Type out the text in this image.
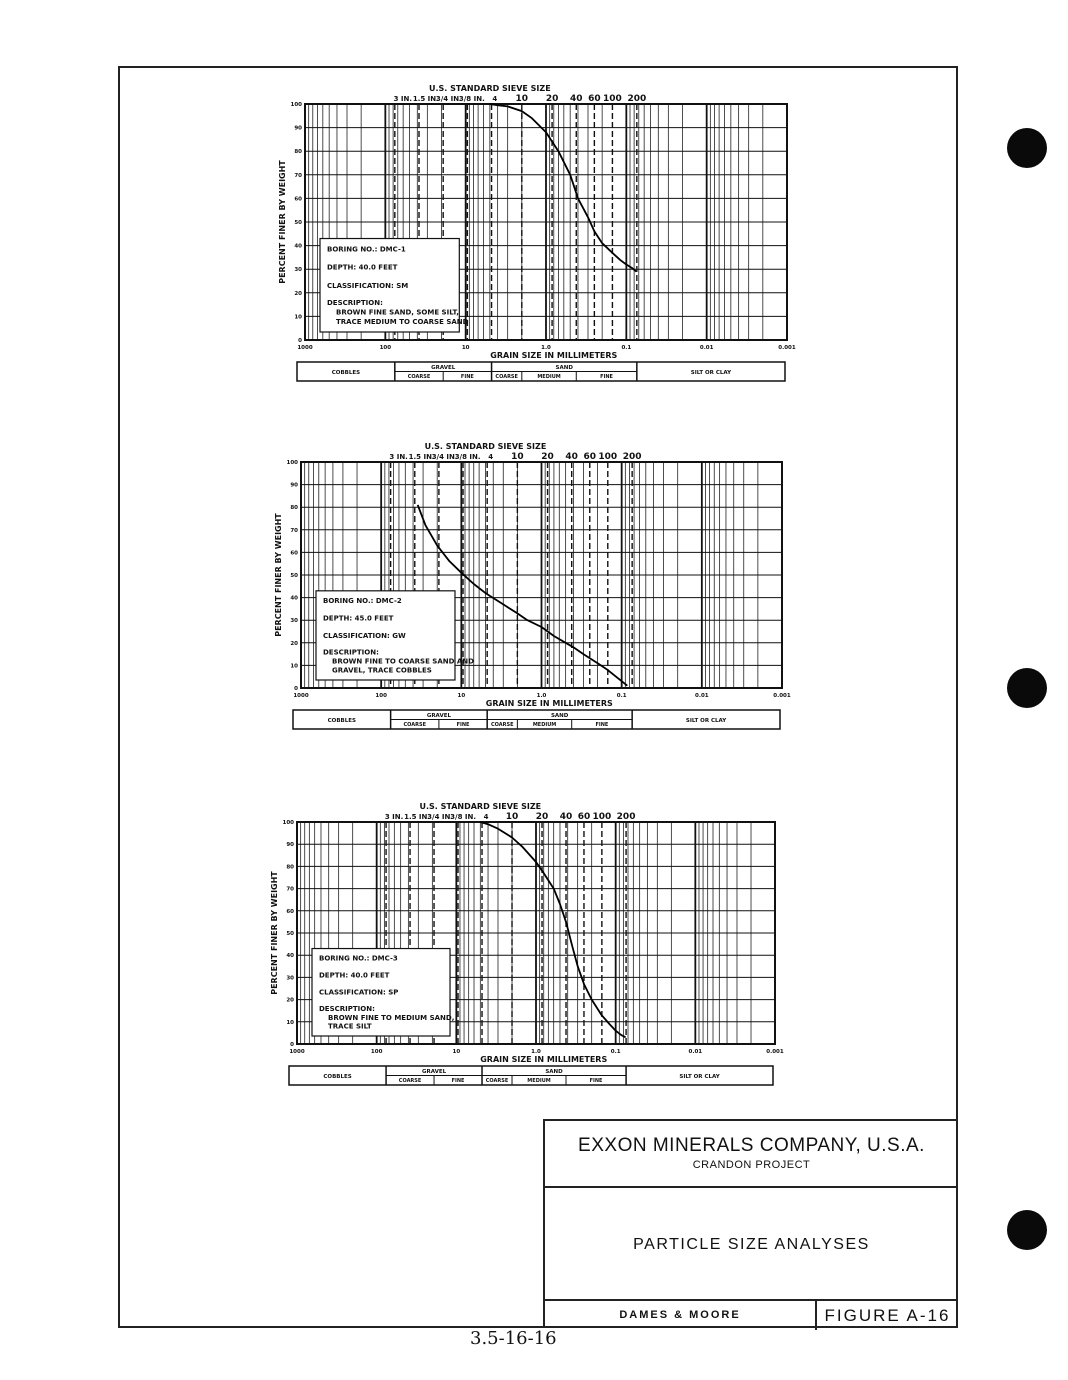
U.S. STANDARD SIEVE SIZE
3 IN. 1.5 IN.
3/4 IN.
3/8 IN. 4 10 20 40 60 100 200
0
10
20
30
40
50
60
70
80
90
100
PERCENT FINER BY WEIGHT
1000	100	10	1.0	0.1	0.01	0.001
GRAIN SIZE IN MILLIMETERS
BORING NO.: DMC-1
DEPTH: 40.0 FEET
CLASSIFICATION: SM
DESCRIPTION:
BROWN FINE SAND, SOME SILT,
TRACE MEDIUM TO COARSE SAND
COBBLES
GRAVEL	SAND
COARSE	FINE	COARSE	MEDIUM	FINE
SILT OR CLAY
U.S. STANDARD SIEVE SIZE
3 IN. 1.5 IN.
3/4 IN.
3/8 IN. 4 10 20 40 60 100 200
0
10
20
30
40
50
60
70
80
90
100
PERCENT FINER BY WEIGHT
1000	100	10	1.0	0.1	0.01	0.001
GRAIN SIZE IN MILLIMETERS
BORING NO.: DMC-2
DEPTH: 45.0 FEET
CLASSIFICATION: GW
DESCRIPTION:
BROWN FINE TO COARSE SAND AND
GRAVEL, TRACE COBBLES
COBBLES
GRAVEL	SAND
COARSE	FINE	COARSE	MEDIUM	FINE
SILT OR CLAY
U.S. STANDARD SIEVE SIZE
3 IN. 1.5 IN.
3/4 IN.
3/8 IN. 4 10 20 40 60 100 200
0
10
20
30
40
50
60
70
80
90
100
PERCENT FINER BY WEIGHT
1000	100	10	1.0	0.1	0.01	0.001
GRAIN SIZE IN MILLIMETERS
BORING NO.: DMC-3
DEPTH: 40.0 FEET
CLASSIFICATION: SP
DESCRIPTION:
BROWN FINE TO MEDIUM SAND,
TRACE SILT
COBBLES
GRAVEL	SAND
COARSE	FINE	COARSE	MEDIUM	FINE
SILT OR CLAY
EXXON MINERALS COMPANY, U.S.A.
CRANDON PROJECT
PARTICLE SIZE ANALYSES
DAMES & MOORE	FIGURE A-16
3.5-16-16
